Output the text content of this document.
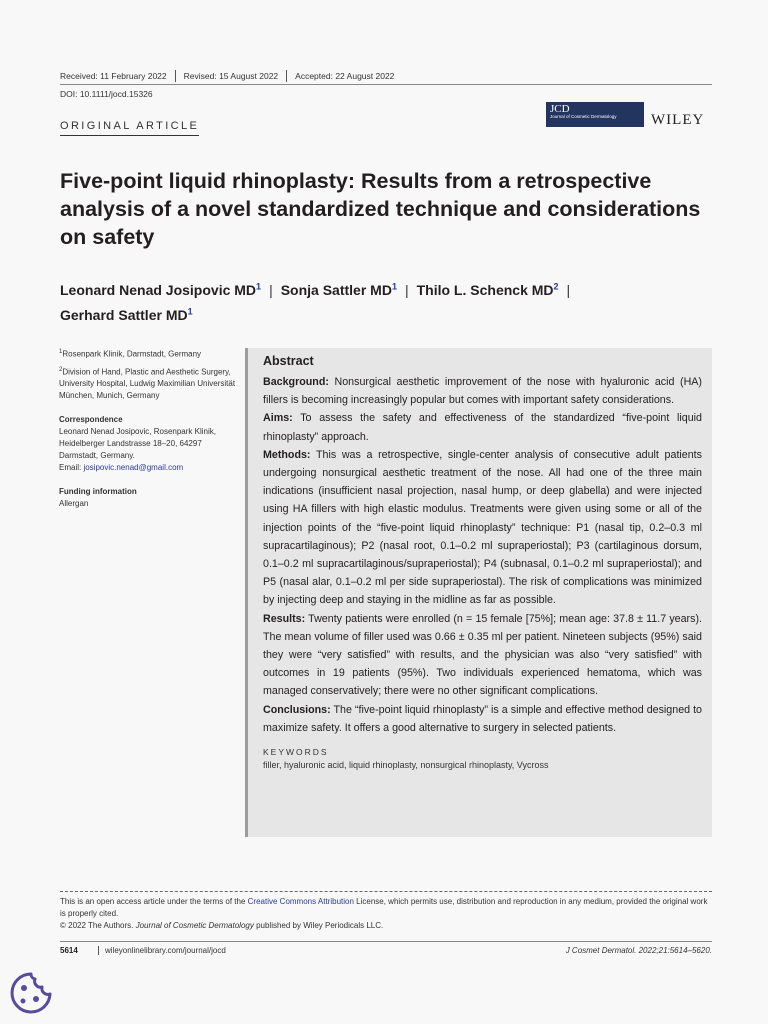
Received: 11 February 2022	Revised: 15 August 2022	Accepted: 22 August 2022
DOI: 10.1111/jocd.15326
ORIGINAL ARTICLE
JCD
Journal of Cosmetic Dermatology	WILEY
Five-point liquid rhinoplasty: Results from a retrospective analysis of a novel standardized technique and considerations on safety
Leonard Nenad Josipovic $MD^1$ | Sonja Sattler $MD^1$ | Thilo L. Schenck $MD^2$ |
Gerhard Sattler $MD^1$
$^1$Rosenpark Klinik, Darmstadt, Germany
$^2$Division of Hand, Plastic and Aesthetic Surgery, University Hospital, Ludwig Maximilian Universität München, Munich, Germany
Correspondence
Leonard Nenad Josipovic, Rosenpark Klinik, Heidelberger Landstrasse 18–20, 64297 Darmstadt, Germany.
Email: josipovic.nenad@gmail.com
Funding information
Allergan
Abstract

Background: Nonsurgical aesthetic improvement of the nose with hyaluronic acid (HA) fillers is becoming increasingly popular but comes with important safety considerations.

Aims: To assess the safety and effectiveness of the standardized “five-point liquid rhinoplasty” approach.

Methods: This was a retrospective, single-center analysis of consecutive adult patients undergoing nonsurgical aesthetic treatment of the nose. All had one of the three main indications (insufficient nasal projection, nasal hump, or deep glabella) and were injected using HA fillers with high elastic modulus. Treatments were given using some or all of the injection points of the “five-point liquid rhinoplasty” technique: P1 (nasal tip, 0.2–0.3 ml supracartilaginous); P2 (nasal root, 0.1–0.2 ml supraperiostal); P3 (cartilaginous dorsum, 0.1–0.2 ml supracartilaginous/supraperiostal); P4 (subnasal, 0.1–0.2 ml supraperiostal); and P5 (nasal alar, 0.1–0.2 ml per side supraperiostal). The risk of complications was minimized by injecting deep and staying in the midline as far as possible.

Results: Twenty patients were enrolled (n = 15 female [75%]; mean age: 37.8 ± 11.7 years). The mean volume of filler used was 0.66 ± 0.35 ml per patient. Nineteen subjects (95%) said they were “very satisfied” with results, and the physician was also “very satisfied” with outcomes in 19 patients (95%). Two individuals experienced hematoma, which was managed conservatively; there were no other significant complications.

Conclusions: The “five-point liquid rhinoplasty” is a simple and effective method designed to maximize safety. It offers a good alternative to surgery in selected patients.

KEYWORDS
filler, hyaluronic acid, liquid rhinoplasty, nonsurgical rhinoplasty, Vycross
This is an open access article under the terms of the Creative Commons Attribution License, which permits use, distribution and reproduction in any medium, provided the original work is properly cited.
© 2022 The Authors. Journal of Cosmetic Dermatology published by Wiley Periodicals LLC.
5614	wileyonlinelibrary.com/journal/jocd	J Cosmet Dermatol. 2022;21:5614–5620.
